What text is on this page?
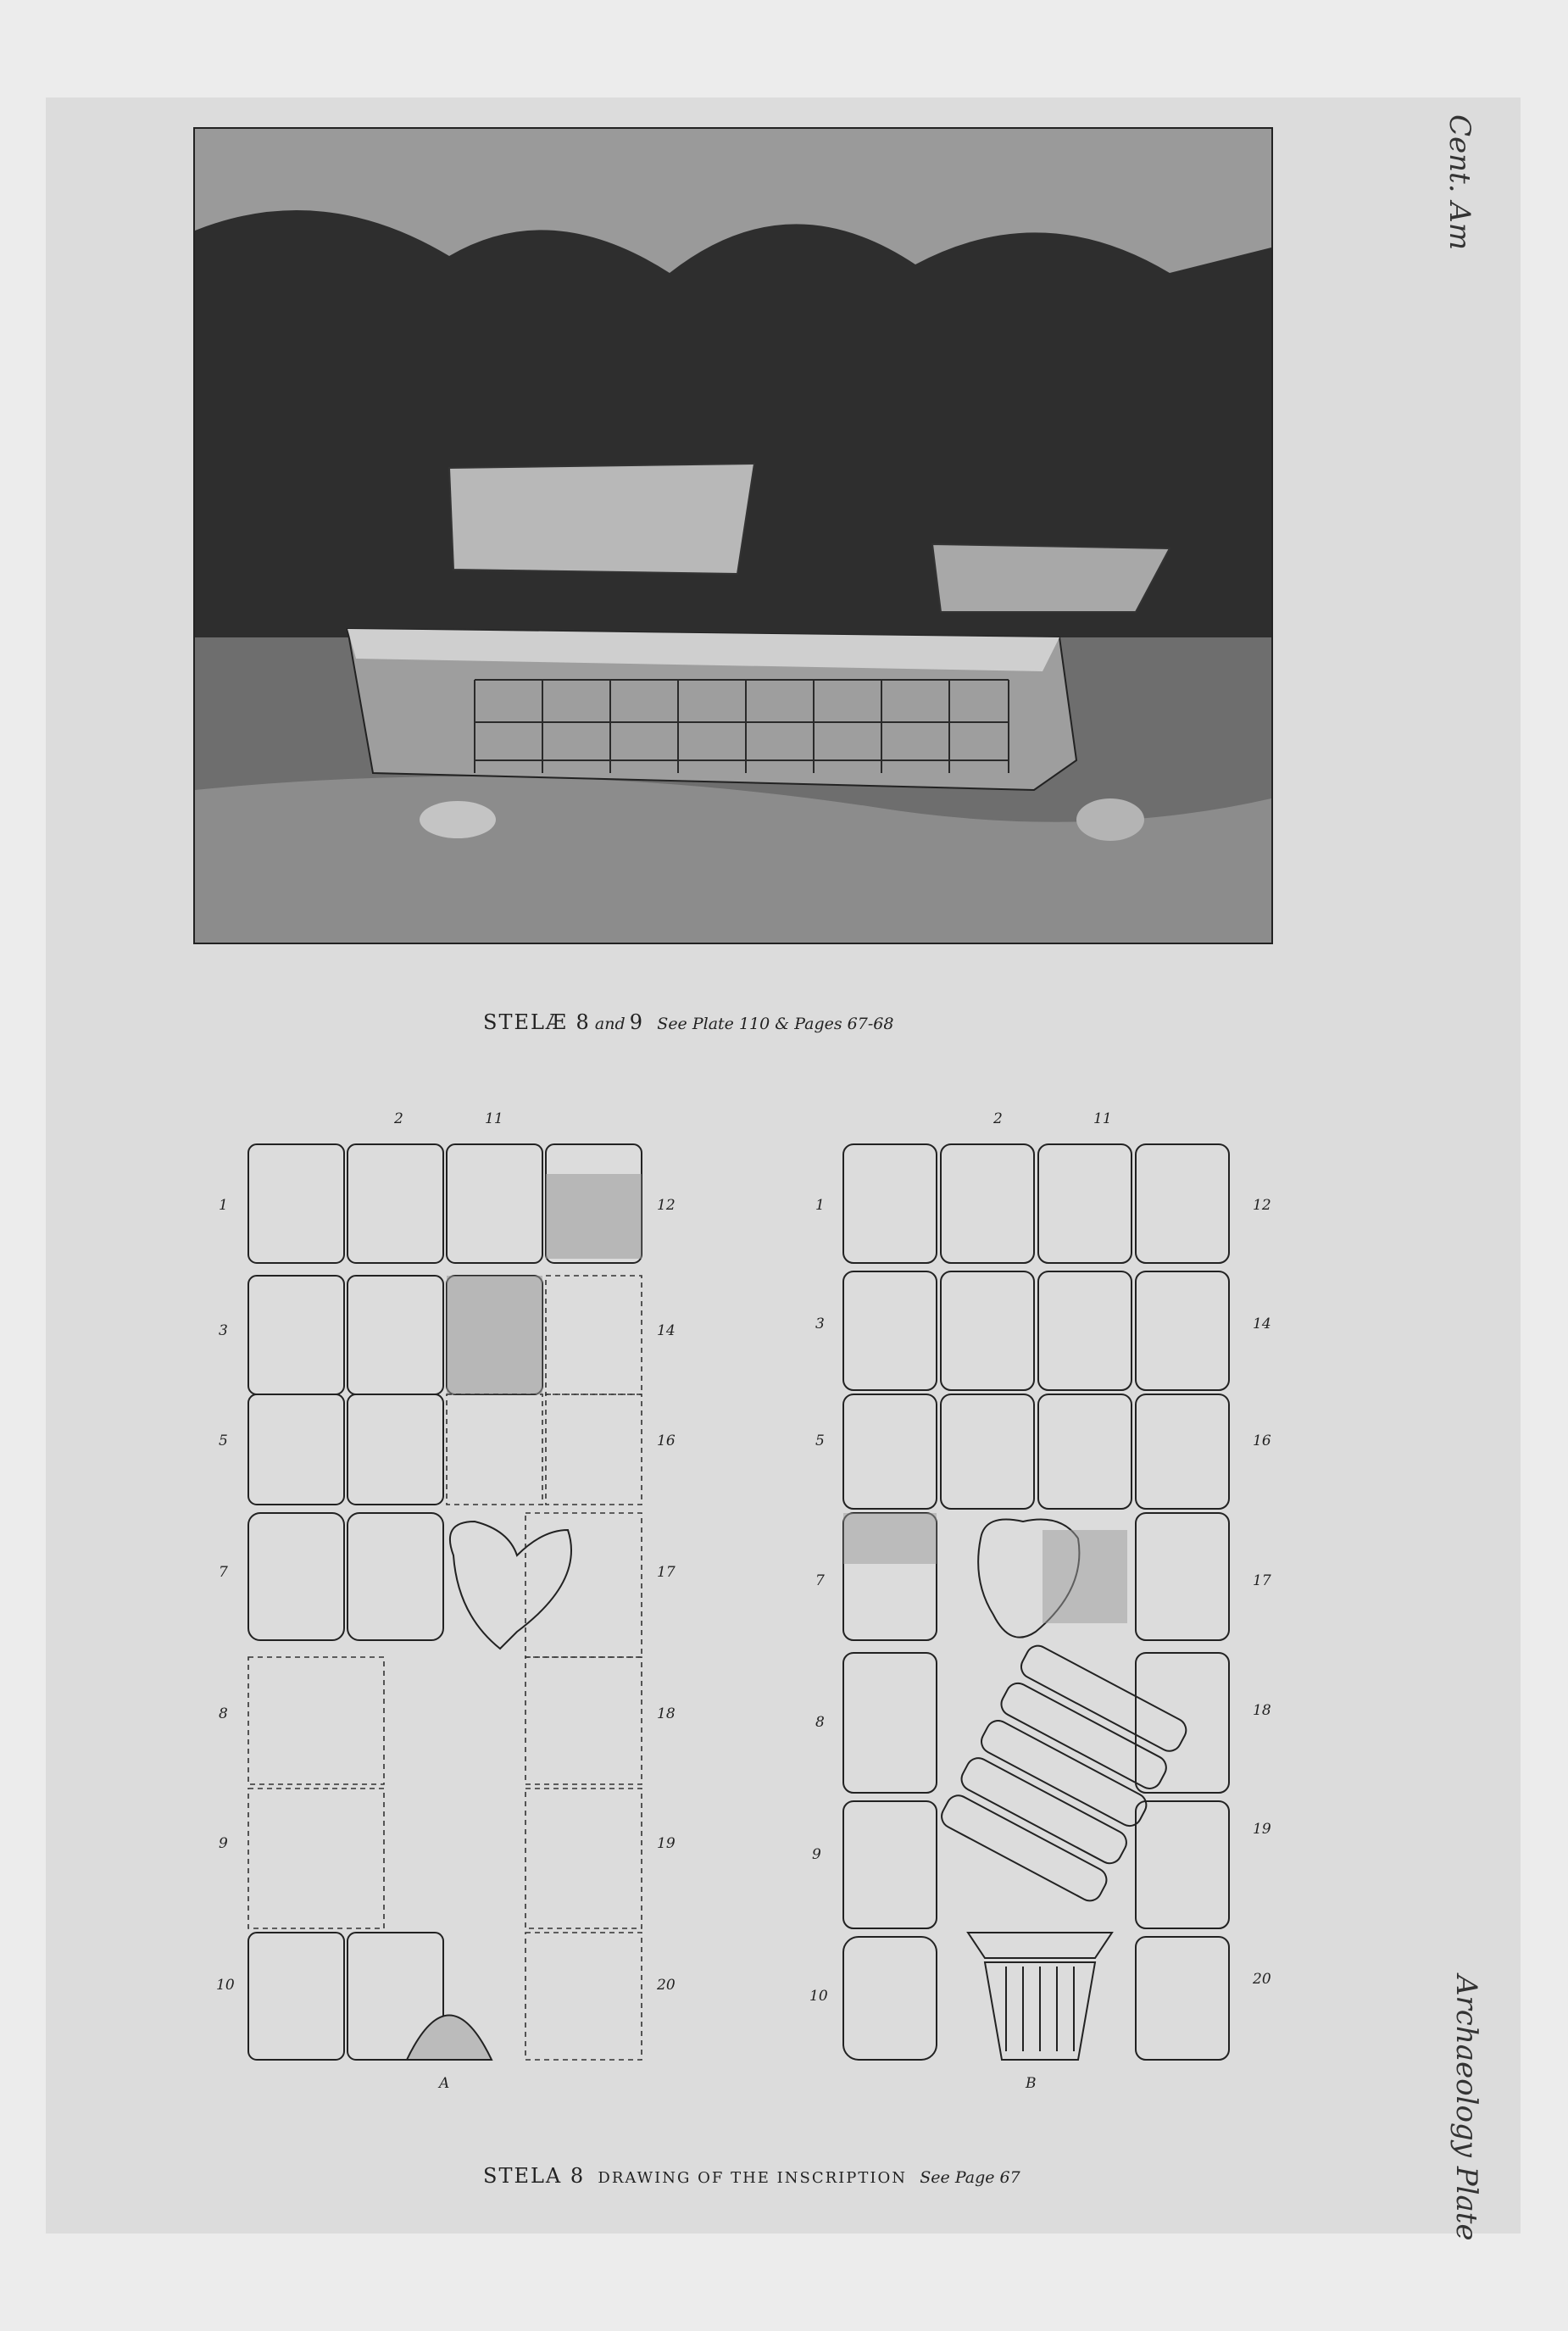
STELÆ 8 and 9 See Plate 110 & Pages 67-68
2	11
1
3
5
7
8
9
10
12
14
16
17
18
19
20
A
2	11
1
3
5
7
8
9
10
12
14
16
17
18
19
20
B
STELA 8 DRAWING OF THE INSCRIPTION See Page 67
Cent. Am
Archaeology Plate
